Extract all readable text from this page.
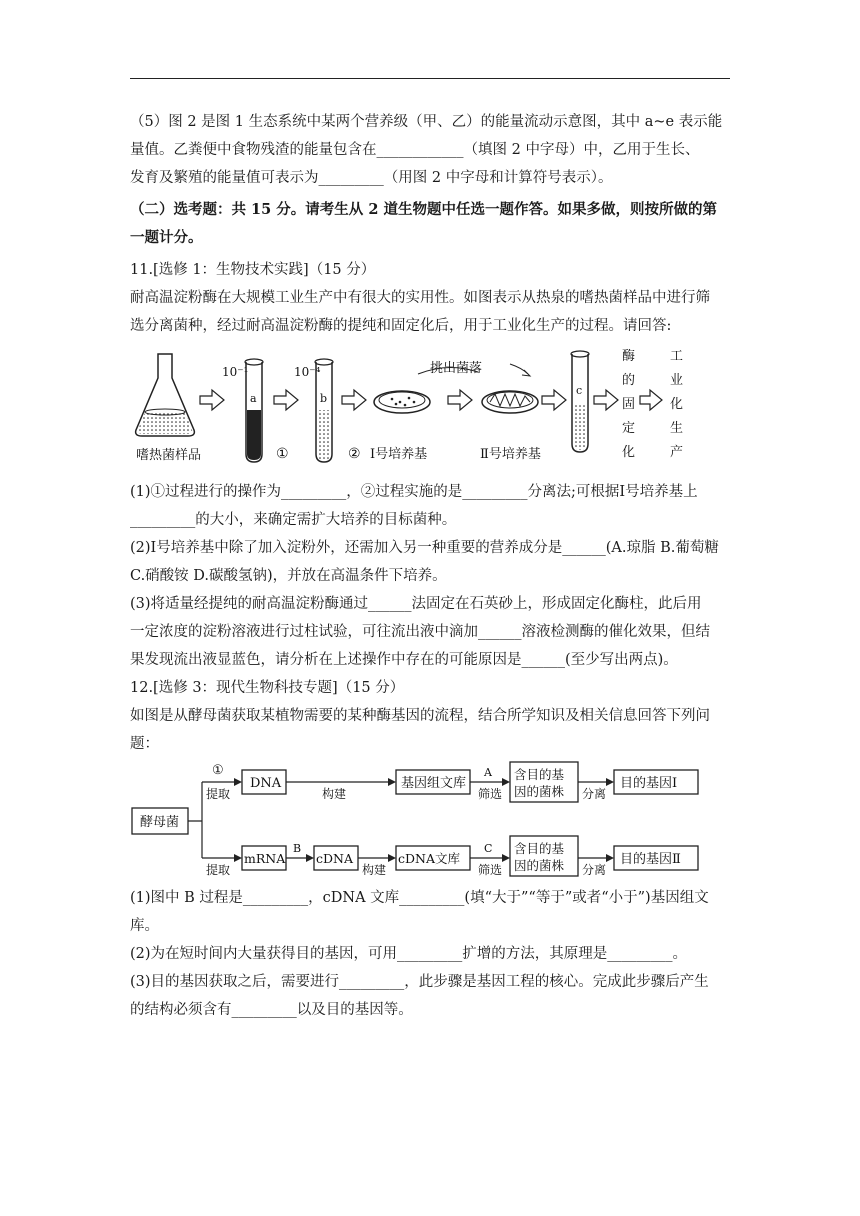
（5）图 2 是图 1 生态系统中某两个营养级（甲、乙）的能量流动示意图，其中 a~e 表示能

量值。乙粪便中食物残渣的能量包含在____________（填图 2 中字母）中，乙用于生长、

发育及繁殖的能量值可表示为_________（用图 2 中字母和计算符号表示）。

（二）选考题：共 15 分。请考生从 2 道生物题中任选一题作答。如果多做，则按所做的第

一题计分。

11.[选修 1：生物技术实践]（15 分）

耐高温淀粉酶在大规模工业生产中有很大的实用性。如图表示从热泉的嗜热菌样品中进行筛

选分离菌种，经过耐高温淀粉酶的提纯和固定化后，用于工业化生产的过程。请回答:

嗜热菌样品
10⁻¹
a
①
10⁻⁴
b
② Ⅰ号培养基
挑出菌落
Ⅱ号培养基
c
酶
的
固
定
化
工
业
化
生
产

(1)①过程进行的操作为_________，②过程实施的是_________分离法;可根据Ⅰ号培养基上

_________的大小，来确定需扩大培养的目标菌种。

(2)Ⅰ号培养基中除了加入淀粉外，还需加入另一种重要的营养成分是______(A.琼脂 B.葡萄糖

C.硝酸铵 D.碳酸氢钠)，并放在高温条件下培养。

(3)将适量经提纯的耐高温淀粉酶通过______法固定在石英砂上，形成固定化酶柱，此后用

一定浓度的淀粉溶液进行过柱试验，可往流出液中滴加______溶液检测酶的催化效果，但结

果发现流出液显蓝色，请分析在上述操作中存在的可能原因是______(至少写出两点)。

12.[选修 3：现代生物科技专题]（15 分）

如图是从酵母菌获取某植物需要的某种酶基因的流程，结合所学知识及相关信息回答下列问

题：

酵母菌
①
提取
提取
DNA
构建
基因组文库
A
筛选
含目的基
因的菌株 分离
目的基因Ⅰ
mRNA
B
cDNA
构建
cDNA文库
C
筛选
含目的基
因的菌株 分离
目的基因Ⅱ

(1)图中 B 过程是_________，cDNA 文库_________(填“大于”“等于”或者“小于”)基因组文库。

(2)为在短时间内大量获得目的基因，可用_________扩增的方法，其原理是_________。

(3)目的基因获取之后，需要进行_________，此步骤是基因工程的核心。完成此步骤后产生

的结构必须含有_________以及目的基因等。
